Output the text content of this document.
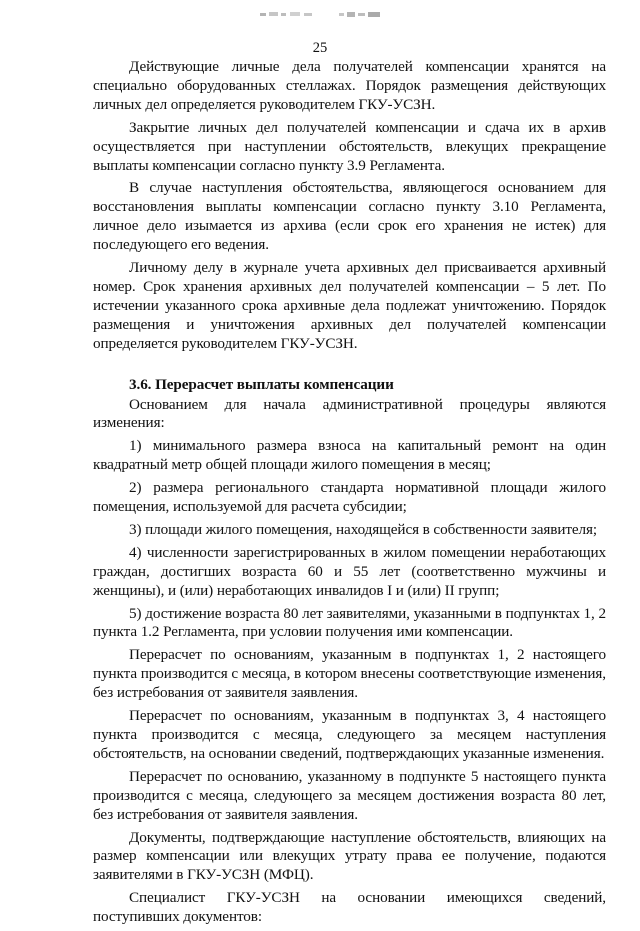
25

Действующие личные дела получателей компенсации хранятся на специально оборудованных стеллажах. Порядок размещения действующих личных дел определяется руководителем ГКУ-УСЗН.

Закрытие личных дел получателей компенсации и сдача их в архив осуществляется при наступлении обстоятельств, влекущих прекращение выплаты компенсации согласно пункту 3.9 Регламента.

В случае наступления обстоятельства, являющегося основанием для восстановления выплаты компенсации согласно пункту 3.10 Регламента, личное дело изымается из архива (если срок его хранения не истек) для последующего его ведения.

Личному делу в журнале учета архивных дел присваивается архивный номер. Срок хранения архивных дел получателей компенсации – 5 лет. По истечении указанного срока архивные дела подлежат уничтожению. Порядок размещения и уничтожения архивных дел получателей компенсации определяется руководителем ГКУ-УСЗН.

3.6. Перерасчет выплаты компенсации

Основанием для начала административной процедуры являются изменения:

1) минимального размера взноса на капитальный ремонт на один квадратный метр общей площади жилого помещения в месяц;

2) размера регионального стандарта нормативной площади жилого помещения, используемой для расчета субсидии;

3) площади жилого помещения, находящейся в собственности заявителя;

4) численности зарегистрированных в жилом помещении неработающих граждан, достигших возраста 60 и 55 лет (соответственно мужчины и женщины), и (или) неработающих инвалидов I и (или) II групп;

5) достижение возраста 80 лет заявителями, указанными в подпунктах 1, 2 пункта 1.2 Регламента, при условии получения ими компенсации.

Перерасчет по основаниям, указанным в подпунктах 1, 2 настоящего пункта производится с месяца, в котором внесены соответствующие изменения, без истребования от заявителя заявления.

Перерасчет по основаниям, указанным в подпунктах 3, 4 настоящего пункта производится с месяца, следующего за месяцем наступления обстоятельств, на основании сведений, подтверждающих указанные изменения.

Перерасчет по основанию, указанному в подпункте 5 настоящего пункта производится с месяца, следующего за месяцем достижения возраста 80 лет, без истребования от заявителя заявления.

Документы, подтверждающие наступление обстоятельств, влияющих на размер компенсации или влекущих утрату права ее получение, подаются заявителями в ГКУ-УСЗН (МФЦ).

Специалист ГКУ-УСЗН на основании имеющихся сведений, поступивших документов:
